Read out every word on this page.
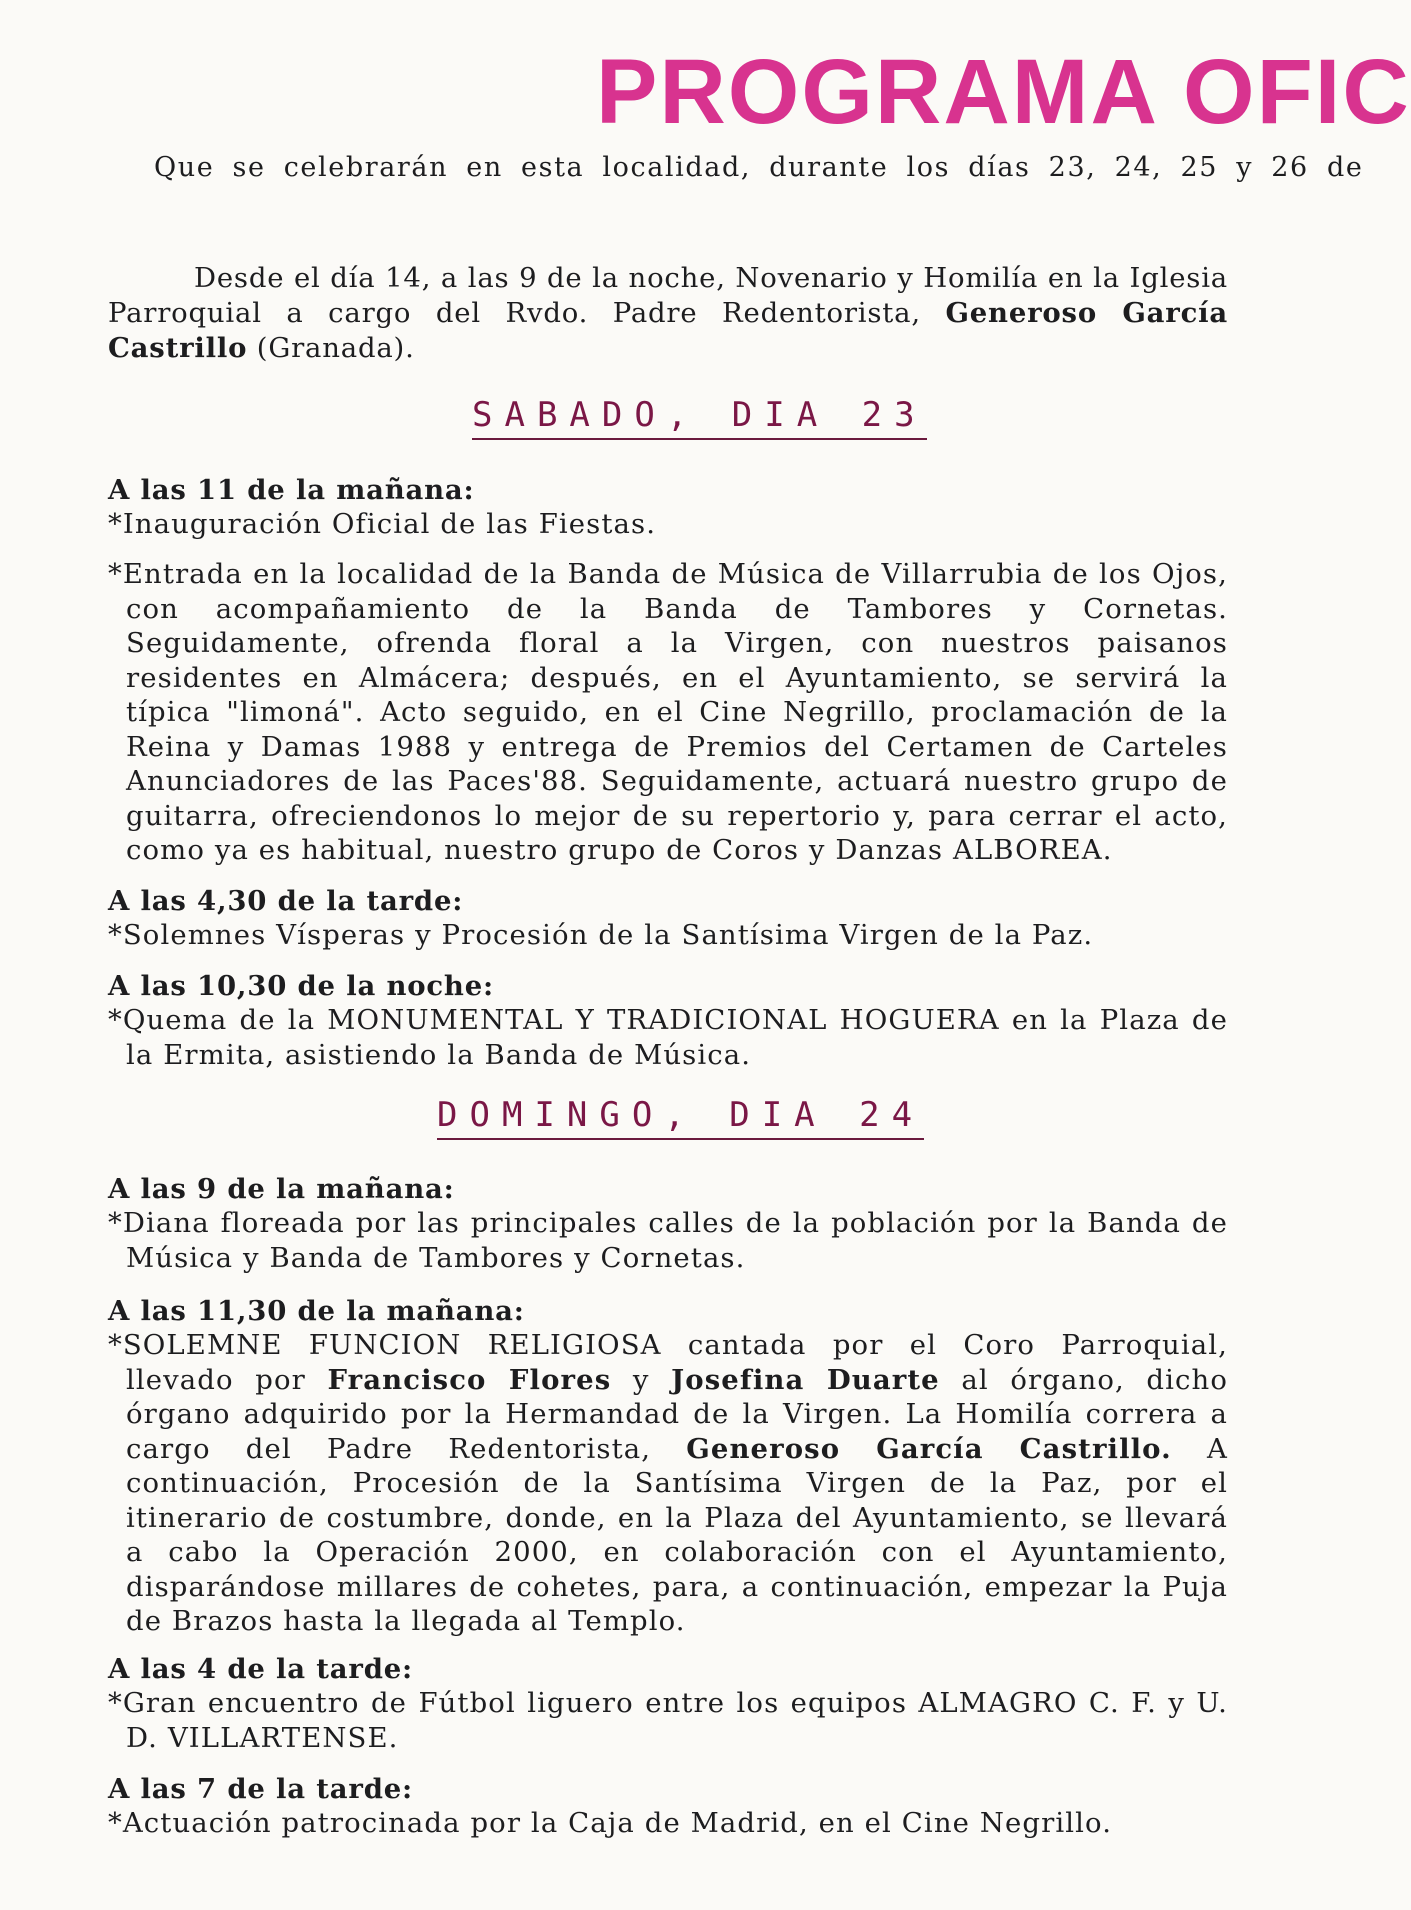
PROGRAMA OFIC
Que se celebrarán en esta localidad, durante los días 23, 24, 25 y 26 de

Desde el día 14, a las 9 de la noche, Novenario y Homilía en la Iglesia Parroquial a cargo del Rvdo. Padre Redentorista, Generoso García Castrillo (Granada).

SABADO, DIA 23

A las 11 de la mañana:

*Inauguración Oficial de las Fiestas.

*Entrada en la localidad de la Banda de Música de Villarrubia de los Ojos, con acompañamiento de la Banda de Tambores y Cornetas. Seguidamente, ofrenda floral a la Virgen, con nuestros paisanos residentes en Almácera; después, en el Ayuntamiento, se servirá la típica "limoná". Acto seguido, en el Cine Negrillo, proclamación de la Reina y Damas 1988 y entrega de Premios del Certamen de Carteles Anunciadores de las Paces'88. Seguidamente, actuará nuestro grupo de guitarra, ofreciendonos lo mejor de su repertorio y, para cerrar el acto, como ya es habitual, nuestro grupo de Coros y Danzas ALBOREA.

A las 4,30 de la tarde:

*Solemnes Vísperas y Procesión de la Santísima Virgen de la Paz.

A las 10,30 de la noche:

*Quema de la MONUMENTAL Y TRADICIONAL HOGUERA en la Plaza de la Ermita, asistiendo la Banda de Música.

DOMINGO, DIA 24

A las 9 de la mañana:

*Diana floreada por las principales calles de la población por la Banda de Música y Banda de Tambores y Cornetas.

A las 11,30 de la mañana:

*SOLEMNE FUNCION RELIGIOSA cantada por el Coro Parroquial, llevado por Francisco Flores y Josefina Duarte al órgano, dicho órgano adquirido por la Hermandad de la Virgen. La Homilía correra a cargo del Padre Redentorista, Generoso García Castrillo. A continuación, Procesión de la Santísima Virgen de la Paz, por el itinerario de costumbre, donde, en la Plaza del Ayuntamiento, se llevará a cabo la Operación 2000, en colaboración con el Ayuntamiento, disparándose millares de cohetes, para, a continuación, empezar la Puja de Brazos hasta la llegada al Templo.

A las 4 de la tarde:

*Gran encuentro de Fútbol liguero entre los equipos ALMAGRO C. F. y U. D. VILLARTENSE.

A las 7 de la tarde:

*Actuación patrocinada por la Caja de Madrid, en el Cine Negrillo.
